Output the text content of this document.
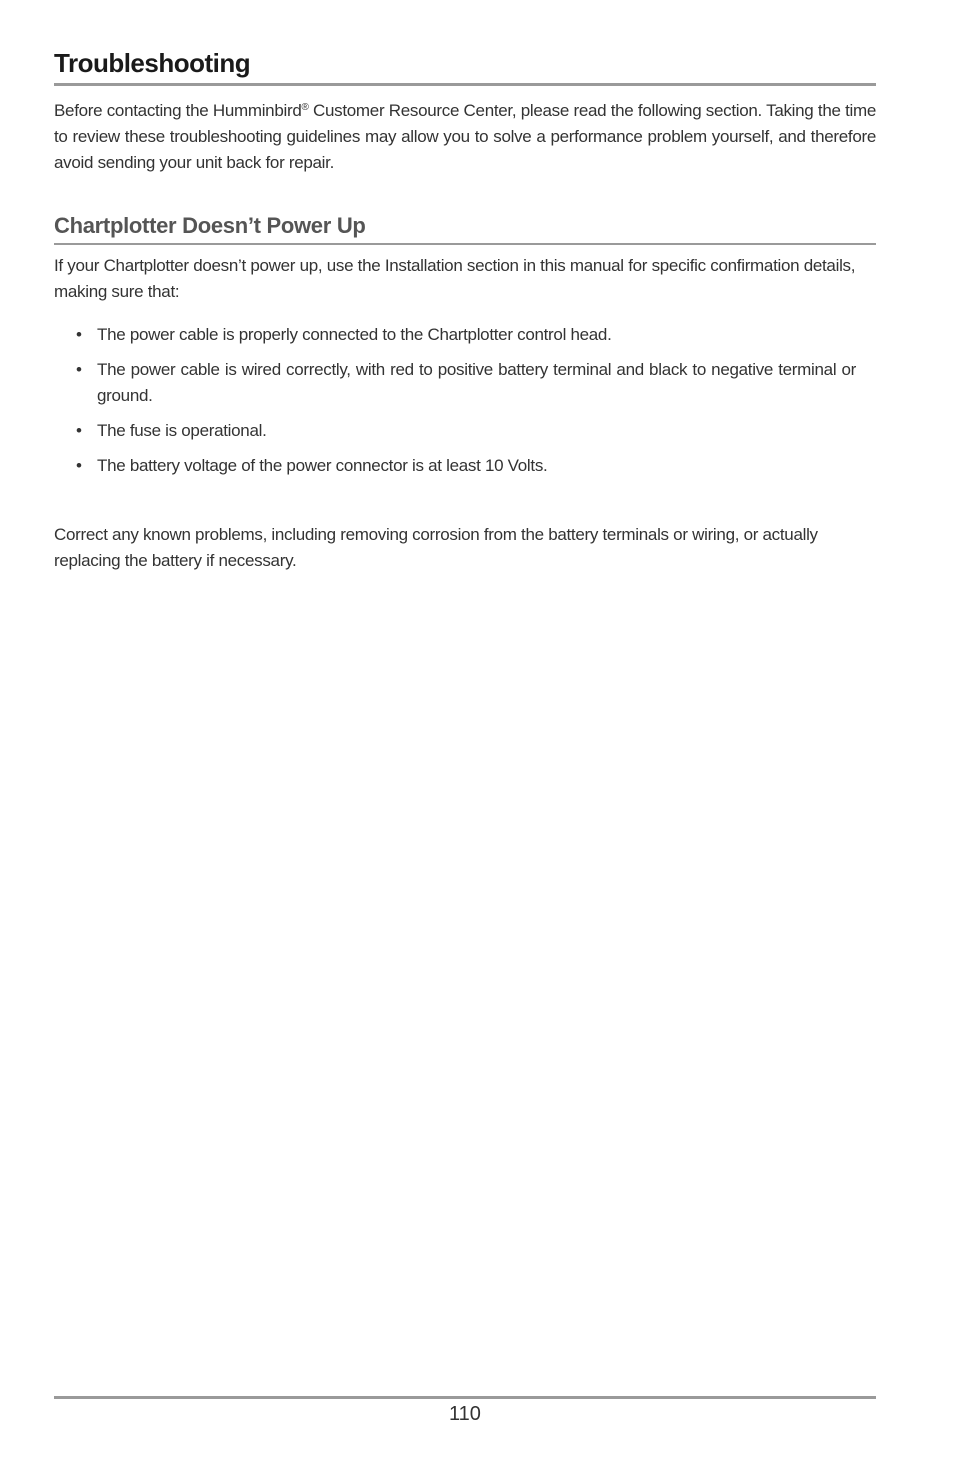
Troubleshooting

Before contacting the Humminbird® Customer Resource Center, please read the following section. Taking the time to review these troubleshooting guidelines may allow you to solve a performance problem yourself, and therefore avoid sending your unit back for repair.

Chartplotter Doesn’t Power Up

If your Chartplotter doesn’t power up, use the Installation section in this manual for specific confirmation details, making sure that:

• The power cable is properly connected to the Chartplotter control head.
• The power cable is wired correctly, with red to positive battery terminal and black to negative terminal or ground.
• The fuse is operational.
• The battery voltage of the power connector is at least 10 Volts.

Correct any known problems, including removing corrosion from the battery terminals or wiring, or actually replacing the battery if necessary.

110
